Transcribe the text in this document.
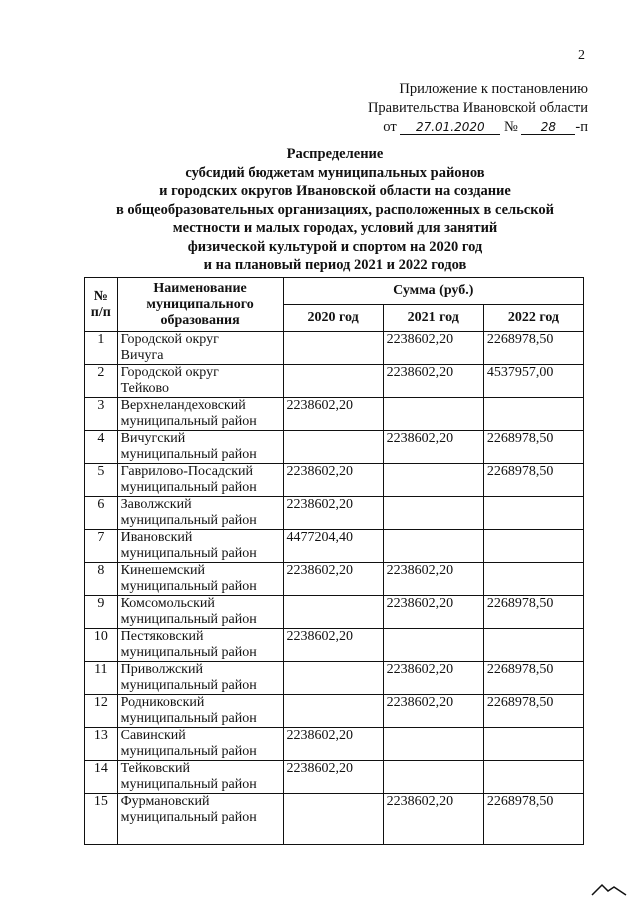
2
Приложение к постановлению
Правительства Ивановской области
от 27.01.2020 № 28 -п
Распределение
субсидий бюджетам муниципальных районов
и городских округов Ивановской области на создание
в общеобразовательных организациях, расположенных в сельской
местности и малых городах, условий для занятий
физической культурой и спортом на 2020 год
и на плановый период 2021 и 2022 годов
№ п/п	Наименование муниципального образования	Сумма (руб.)		
		2020 год	2021 год	2022 год
1	Городской округ
Вичуга		2238602,20	2268978,50
2	Городской округ
Тейково		2238602,20	4537957,00
3	Верхнеландеховский
муниципальный район	2238602,20		
4	Вичугский
муниципальный район		2238602,20	2268978,50
5	Гаврилово-Посадский
муниципальный район	2238602,20		2268978,50
6	Заволжский
муниципальный район	2238602,20		
7	Ивановский
муниципальный район	4477204,40		
8	Кинешемский
муниципальный район	2238602,20	2238602,20	
9	Комсомольский
муниципальный район		2238602,20	2268978,50
10	Пестяковский
муниципальный район	2238602,20		
11	Приволжский
муниципальный район		2238602,20	2268978,50
12	Родниковский
муниципальный район		2238602,20	2268978,50
13	Савинский
муниципальный район	2238602,20		
14	Тейковский
муниципальный район	2238602,20		
15	Фурмановский
муниципальный район		2238602,20	2268978,50
